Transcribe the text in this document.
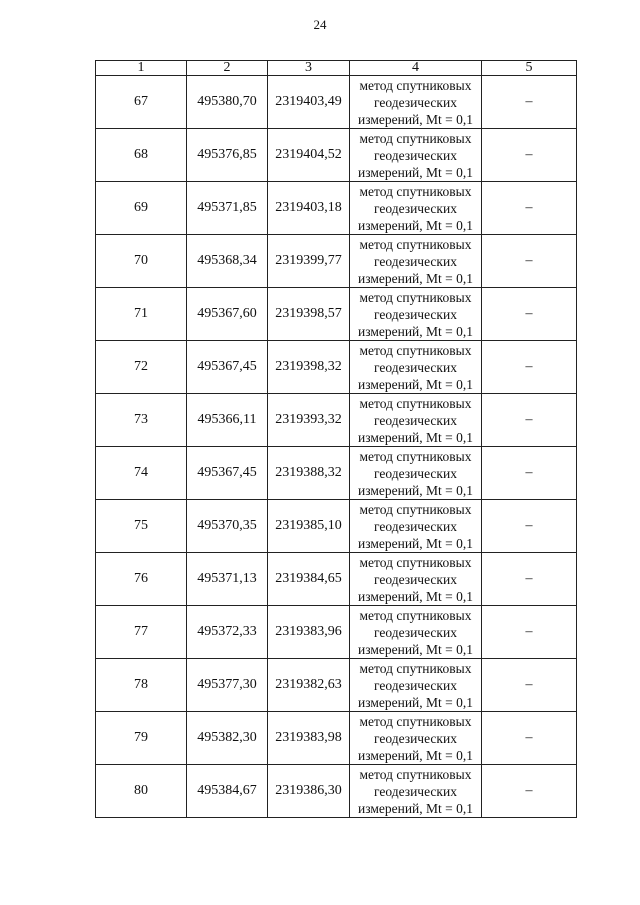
24
1	2	3	4	5
67	495380,70	2319403,49	метод спутниковых
геодезических
измерений, Mt = 0,1	–
68	495376,85	2319404,52	метод спутниковых
геодезических
измерений, Mt = 0,1	–
69	495371,85	2319403,18	метод спутниковых
геодезических
измерений, Mt = 0,1	–
70	495368,34	2319399,77	метод спутниковых
геодезических
измерений, Mt = 0,1	–
71	495367,60	2319398,57	метод спутниковых
геодезических
измерений, Mt = 0,1	–
72	495367,45	2319398,32	метод спутниковых
геодезических
измерений, Mt = 0,1	–
73	495366,11	2319393,32	метод спутниковых
геодезических
измерений, Mt = 0,1	–
74	495367,45	2319388,32	метод спутниковых
геодезических
измерений, Mt = 0,1	–
75	495370,35	2319385,10	метод спутниковых
геодезических
измерений, Mt = 0,1	–
76	495371,13	2319384,65	метод спутниковых
геодезических
измерений, Mt = 0,1	–
77	495372,33	2319383,96	метод спутниковых
геодезических
измерений, Mt = 0,1	–
78	495377,30	2319382,63	метод спутниковых
геодезических
измерений, Mt = 0,1	–
79	495382,30	2319383,98	метод спутниковых
геодезических
измерений, Mt = 0,1	–
80	495384,67	2319386,30	метод спутниковых
геодезических
измерений, Mt = 0,1	–
